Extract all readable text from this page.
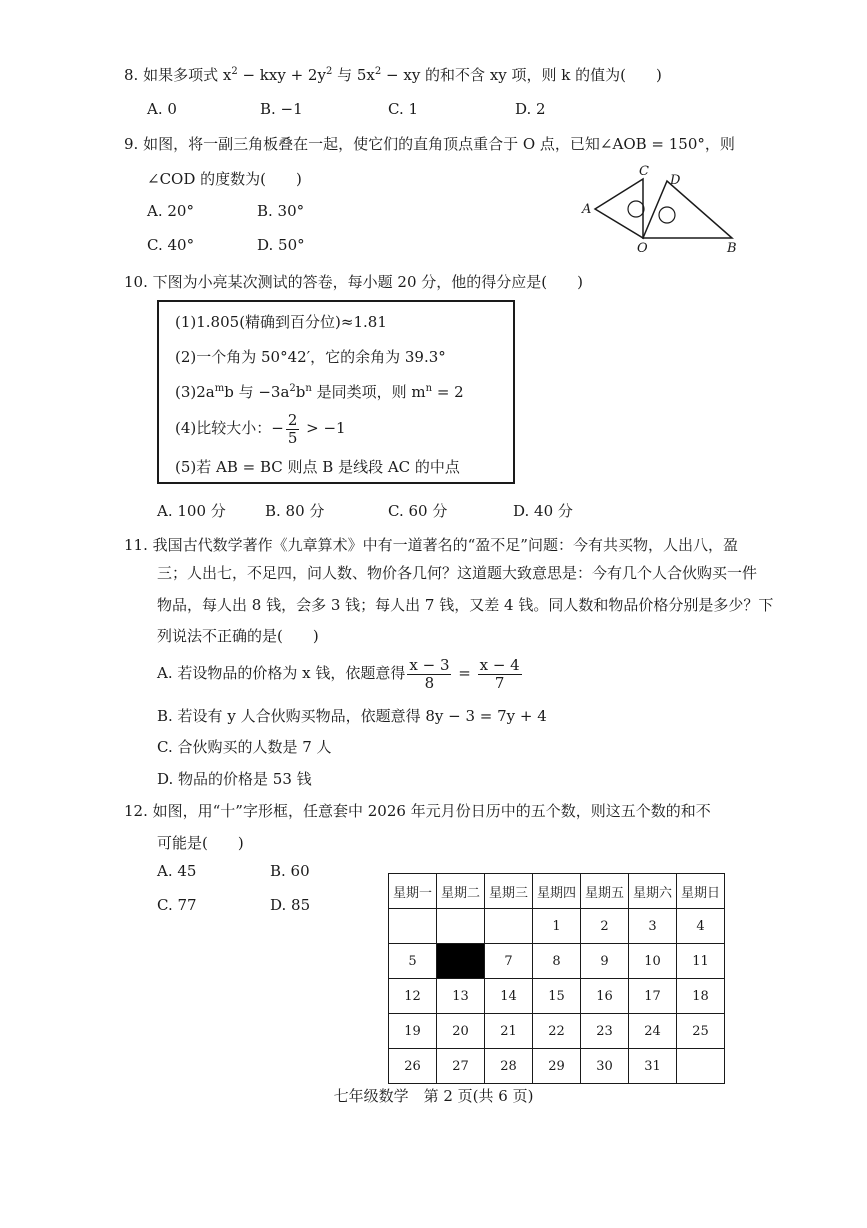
8. 如果多项式 $x^2$ − kxy + $2y^2$ 与 $5x^2$ − xy 的和不含 xy 项，则 k 的值为(　　)
A. 0	B. −1	C. 1	D. 2
9. 如图，将一副三角板叠在一起，使它们的直角顶点重合于 O 点，已知∠AOB = 150°，则
∠COD 的度数为(　　)
A. 20°	B. 30°
C. 40°	D. 50°
A
C
D
O	B
10. 下图为小亮某次测试的答卷，每小题 20 分，他的得分应是(　　)
(1)1.805(精确到百分位)≈1.81
(2)一个角为 50°42′，它的余角为 39.3°
$(3)2a^mb$ 与 $-3a^2b^n$ 是同类项，则 $m^n = 2$
(4)比较大小：− $\frac{2}{5} > -1$
(5)若 AB = BC 则点 B 是线段 AC 的中点
A. 100 分	B. 80 分	C. 60 分	D. 40 分
11. 我国古代数学著作《九章算术》中有一道著名的“盈不足”问题：今有共买物，人出八，盈
三；人出七，不足四，问人数、物价各几何？这道题大致意思是：今有几个人合伙购买一件
物品，每人出 8 钱，会多 3 钱；每人出 7 钱，又差 4 钱。同人数和物品价格分别是多少？下
列说法不正确的是(　　)
A. 若设物品的价格为 x 钱，依题意得 $\frac{x - 3}{8} = \frac{x - 4}{7}$
B. 若设有 y 人合伙购买物品，依题意得 8y − 3 = 7y + 4
C. 合伙购买的人数是 7 人
D. 物品的价格是 53 钱
12. 如图，用“十”字形框，任意套中 2026 年元月份日历中的五个数，则这五个数的和不
可能是(　　)
A. 45	B. 60
C. 77	D. 85
星期一	星期二	星期三	星期四	星期五	星期六	星期日
			1	2	3	4
5		7	8	9	10	11
12	13	14	15	16	17	18
19	20	21	22	23	24	25
26	27	28	29	30	31	
七年级数学　第 2 页(共 6 页)
